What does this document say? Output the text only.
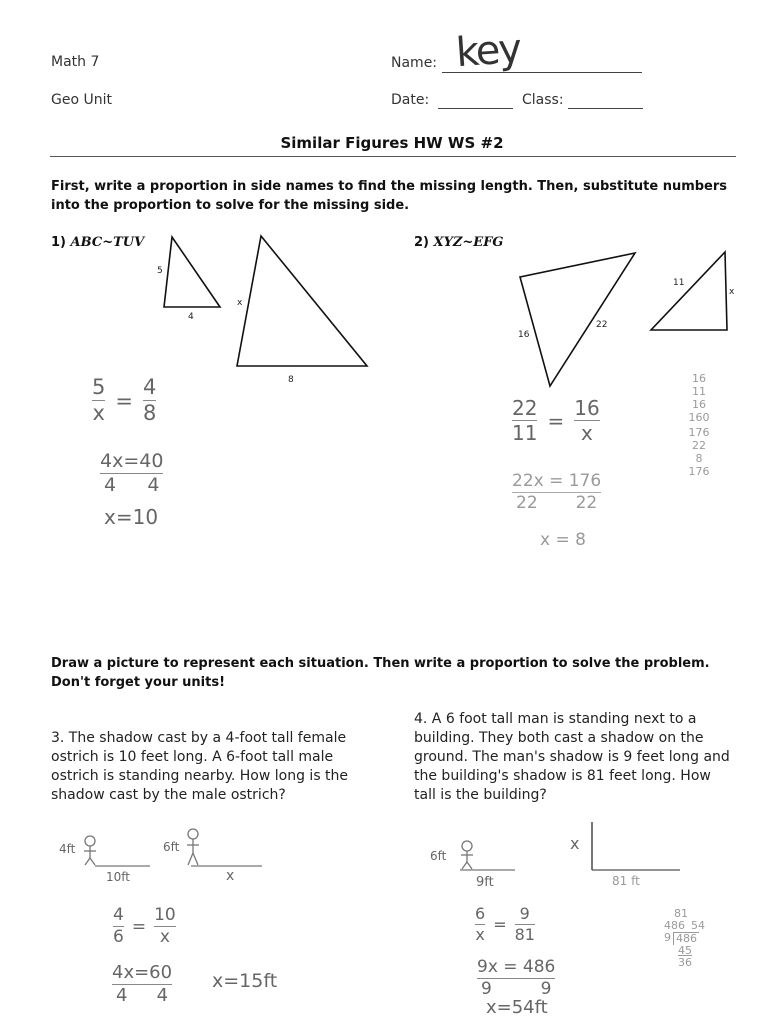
Math 7
Geo Unit
Name: key
Date:	Class:
Similar Figures HW WS #2
First, write a proportion in side names to find the missing length. Then, substitute numbers into the proportion to solve for the missing side.
1) ABC~TUV	2) XYZ~EFG
5
4
x
8
16
22
11
x
$\frac{5}{x} = \frac{4}{8}$
4x=40
4 4
x=10
$\frac{22}{11} = \frac{16}{x}$
22x = 176
22 22
x = 8
16
11
16
160
176
22
8
176
Draw a picture to represent each situation. Then write a proportion to solve the problem. Don't forget your units!
3. The shadow cast by a 4-foot tall female ostrich is 10 feet long. A 6-foot tall male ostrich is standing nearby. How long is the shadow cast by the male ostrich?
4. A 6 foot tall man is standing next to a building. They both cast a shadow on the ground. The man's shadow is 9 feet long and the building's shadow is 81 feet long. How tall is the building?
4ft
10ft
6ft
x
$\frac{4}{6} = \frac{10}{x}$
4x=60
4 4
x=15ft
6ft
9ft
x
81 ft
$\frac{6}{x} = \frac{9}{81}$
9x = 486
9	9
x=54ft
81
486 54
9 486
45
36
